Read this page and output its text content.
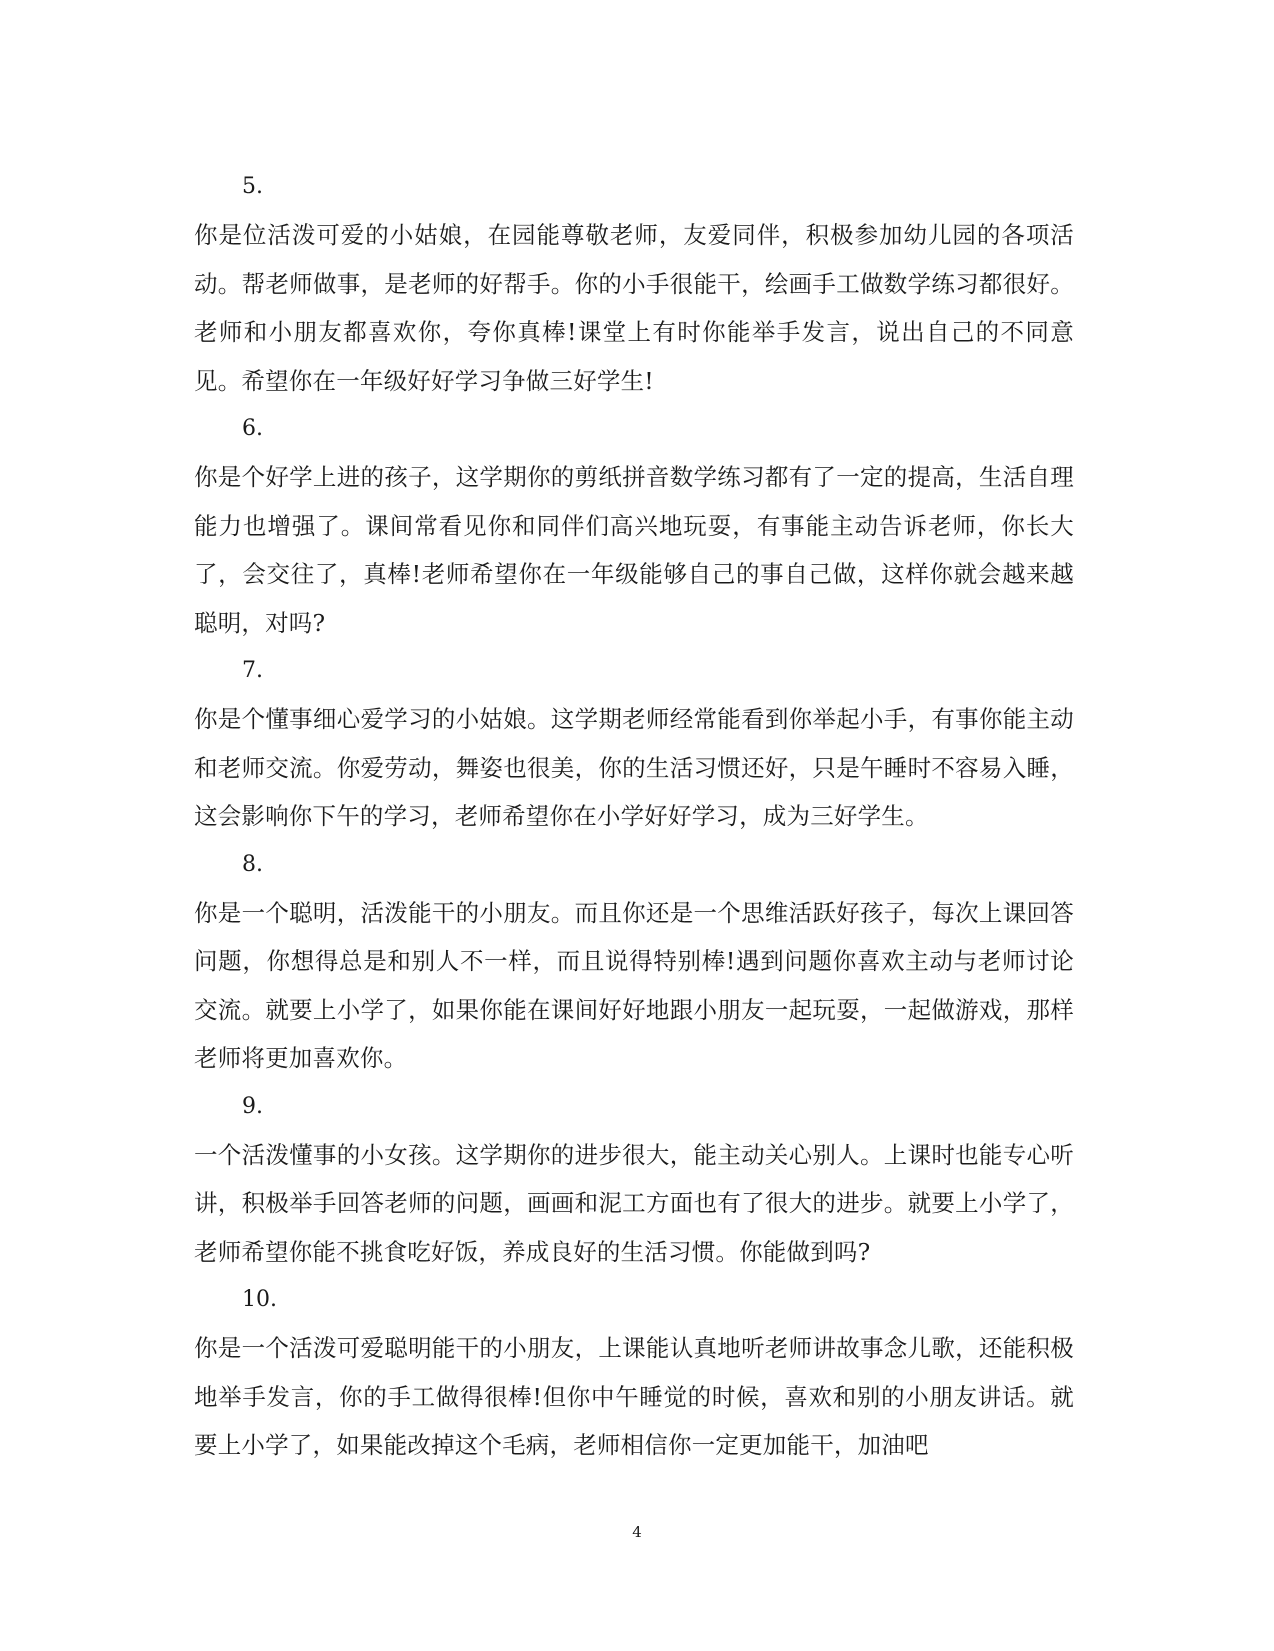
5.

你是位活泼可爱的小姑娘，在园能尊敬老师，友爱同伴，积极参加幼儿园的各项活动。帮老师做事，是老师的好帮手。你的小手很能干，绘画手工做数学练习都很好。老师和小朋友都喜欢你，夸你真棒!课堂上有时你能举手发言，说出自己的不同意见。希望你在一年级好好学习争做三好学生!

6.

你是个好学上进的孩子，这学期你的剪纸拼音数学练习都有了一定的提高，生活自理能力也增强了。课间常看见你和同伴们高兴地玩耍，有事能主动告诉老师，你长大了，会交往了，真棒!老师希望你在一年级能够自己的事自己做，这样你就会越来越聪明，对吗?

7.

你是个懂事细心爱学习的小姑娘。这学期老师经常能看到你举起小手，有事你能主动和老师交流。你爱劳动，舞姿也很美，你的生活习惯还好，只是午睡时不容易入睡，这会影响你下午的学习，老师希望你在小学好好学习，成为三好学生。

8.

你是一个聪明，活泼能干的小朋友。而且你还是一个思维活跃好孩子，每次上课回答问题，你想得总是和别人不一样，而且说得特别棒!遇到问题你喜欢主动与老师讨论交流。就要上小学了，如果你能在课间好好地跟小朋友一起玩耍，一起做游戏，那样老师将更加喜欢你。

9.

一个活泼懂事的小女孩。这学期你的进步很大，能主动关心别人。上课时也能专心听讲，积极举手回答老师的问题，画画和泥工方面也有了很大的进步。就要上小学了，老师希望你能不挑食吃好饭，养成良好的生活习惯。你能做到吗?

10.

你是一个活泼可爱聪明能干的小朋友，上课能认真地听老师讲故事念儿歌，还能积极地举手发言，你的手工做得很棒!但你中午睡觉的时候，喜欢和别的小朋友讲话。就要上小学了，如果能改掉这个毛病，老师相信你一定更加能干，加油吧

4
